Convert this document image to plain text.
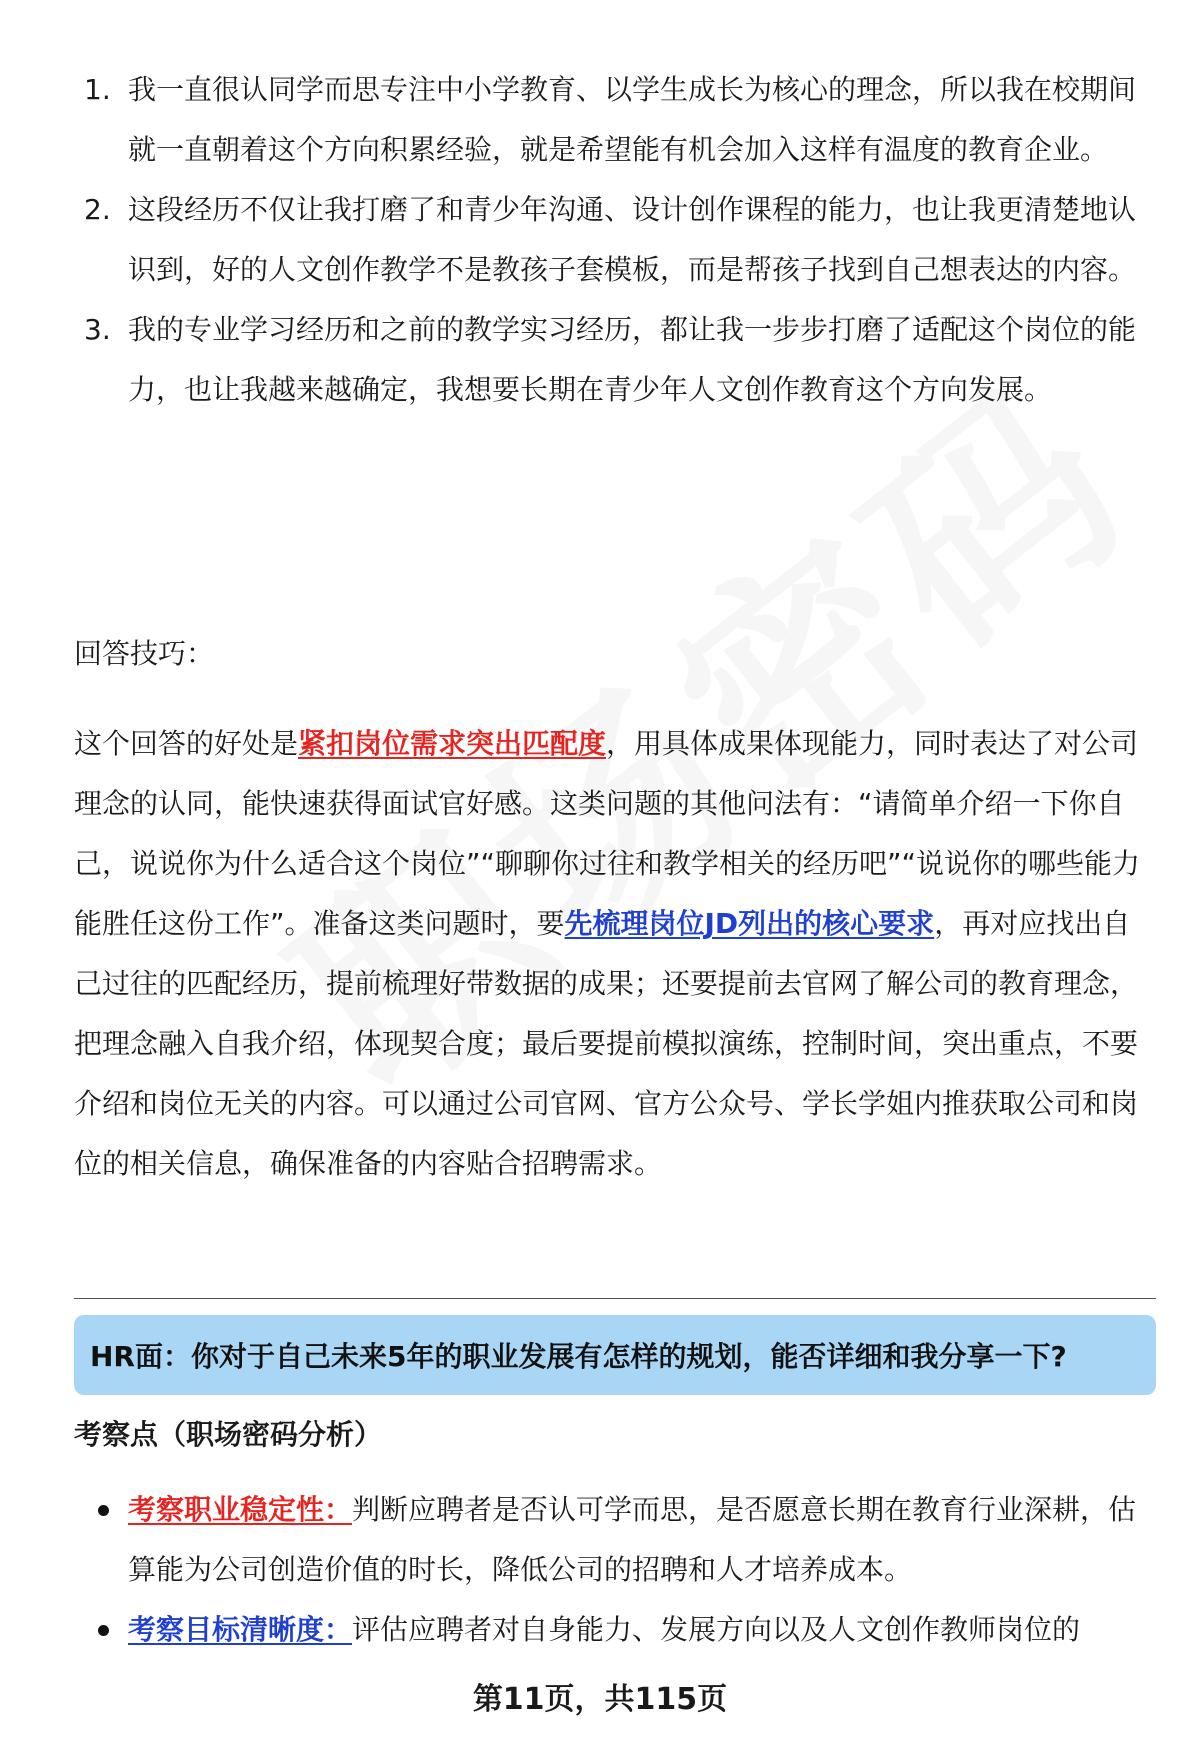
1. 我一直很认同学而思专注中小学教育、以学生成长为核心的理念，所以我在校期间就一直朝着这个方向积累经验，就是希望能有机会加入这样有温度的教育企业。
2. 这段经历不仅让我打磨了和青少年沟通、设计创作课程的能力，也让我更清楚地认识到，好的人文创作教学不是教孩子套模板，而是帮孩子找到自己想表达的内容。
3. 我的专业学习经历和之前的教学实习经历，都让我一步步打磨了适配这个岗位的能力，也让我越来越确定，我想要长期在青少年人文创作教育这个方向发展。

回答技巧：

这个回答的好处是紧扣岗位需求突出匹配度，用具体成果体现能力，同时表达了对公司理念的认同，能快速获得面试官好感。这类问题的其他问法有：“请简单介绍一下你自己，说说你为什么适合这个岗位”“聊聊你过往和教学相关的经历吧”“说说你的哪些能力能胜任这份工作”。准备这类问题时，要先梳理岗位JD列出的核心要求，再对应找出自己过往的匹配经历，提前梳理好带数据的成果；还要提前去官网了解公司的教育理念，把理念融入自我介绍，体现契合度；最后要提前模拟演练，控制时间，突出重点，不要介绍和岗位无关的内容。可以通过公司官网、官方公众号、学长学姐内推获取公司和岗位的相关信息，确保准备的内容贴合招聘需求。

HR面：你对于自己未来5年的职业发展有怎样的规划，能否详细和我分享一下?

考察点（职场密码分析）

考察职业稳定性：判断应聘者是否认可学而思，是否愿意长期在教育行业深耕，估算能为公司创造价值的时长，降低公司的招聘和人才培养成本。
考察目标清晰度：评估应聘者对自身能力、发展方向以及人文创作教师岗位的
第11页，共115页
